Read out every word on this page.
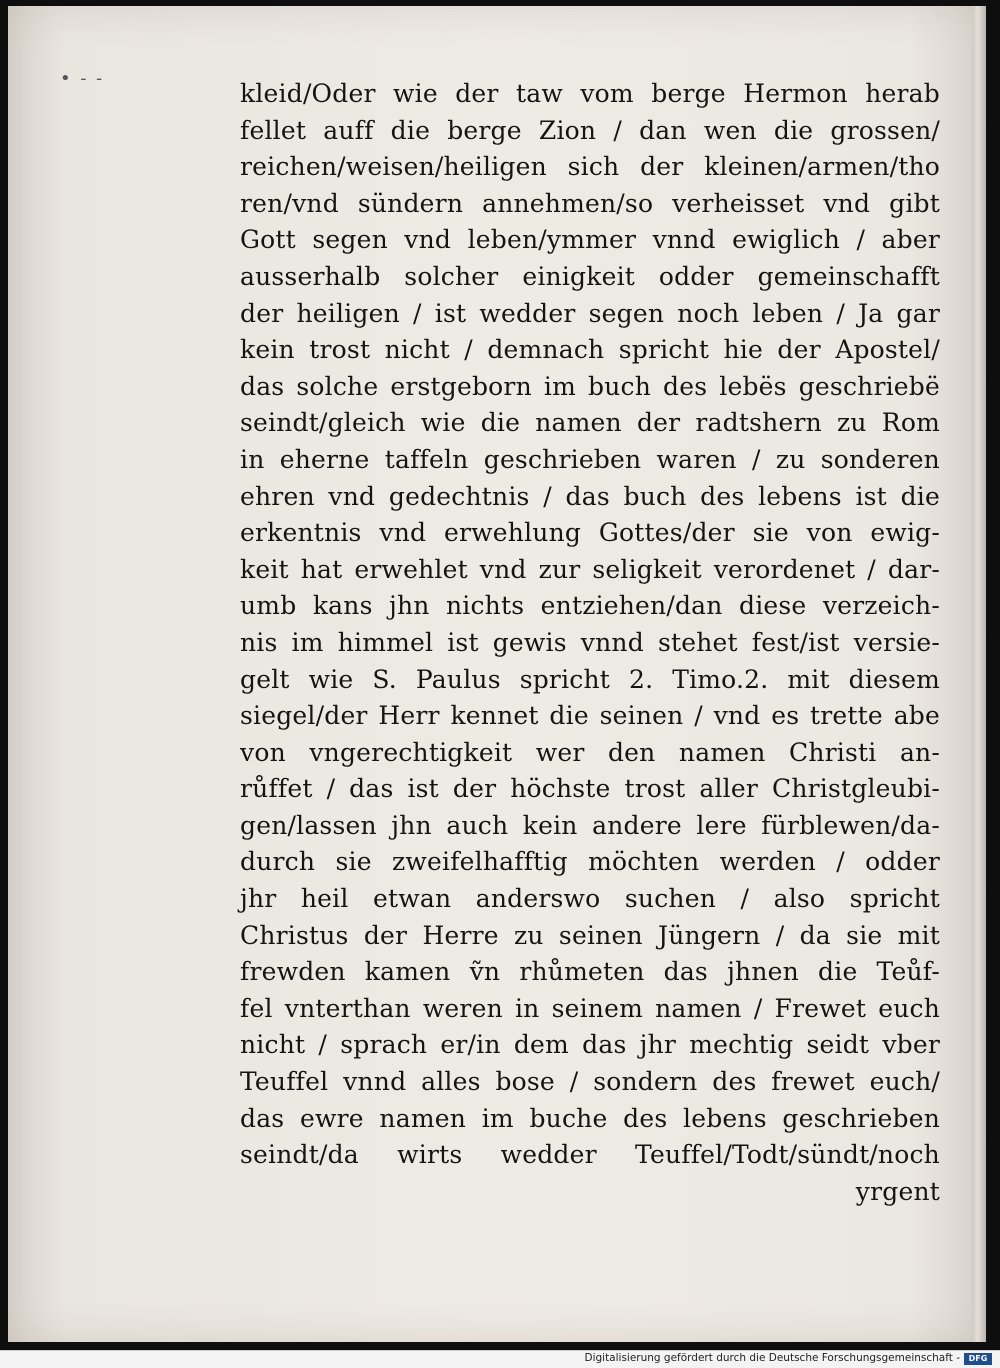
• - -
kleid/Oder wie der taw vom berge Hermon herab
fellet auff die berge Zion / dan wen die grossen/
reichen/weisen/heiligen sich der kleinen/armen/tho
ren/vnd sündern annehmen/so verheisset vnd gibt
Gott segen vnd leben/ymmer vnnd ewiglich / aber
ausserhalb solcher einigkeit odder gemeinschafft
der heiligen / ist wedder segen noch leben / Ja gar
kein trost nicht / demnach spricht hie der Apostel/
das solche erstgeborn im buch des lebës geschriebë
seindt/gleich wie die namen der radtshern zu Rom
in eherne taffeln geschrieben waren / zu sonderen
ehren vnd gedechtnis / das buch des lebens ist die
erkentnis vnd erwehlung Gottes/der sie von ewig-
keit hat erwehlet vnd zur seligkeit verordenet / dar-
umb kans jhn nichts entziehen/dan diese verzeich-
nis im himmel ist gewis vnnd stehet fest/ist versie-
gelt wie S. Paulus spricht 2. Timo.2. mit diesem
siegel/der Herr kennet die seinen / vnd es trette abe
von vngerechtigkeit wer den namen Christi an-
růffet / das ist der höchste trost aller Christgleubi-
gen/lassen jhn auch kein andere lere fürblewen/da-
durch sie zweifelhafftig möchten werden / odder
jhr heil etwan anderswo suchen / also spricht
Christus der Herre zu seinen Jüngern / da sie mit
frewden kamen ṽn rhůmeten das jhnen die Teůf-
fel vnterthan weren in seinem namen / Frewet euch
nicht / sprach er/in dem das jhr mechtig seidt vber
Teuffel vnnd alles bose / sondern des frewet euch/
das ewre namen im buche des lebens geschrieben
seindt/da wirts wedder Teuffel/Todt/sündt/noch
yrgent
Digitalisierung gefördert durch die Deutsche Forschungsgemeinschaft -	DFG
